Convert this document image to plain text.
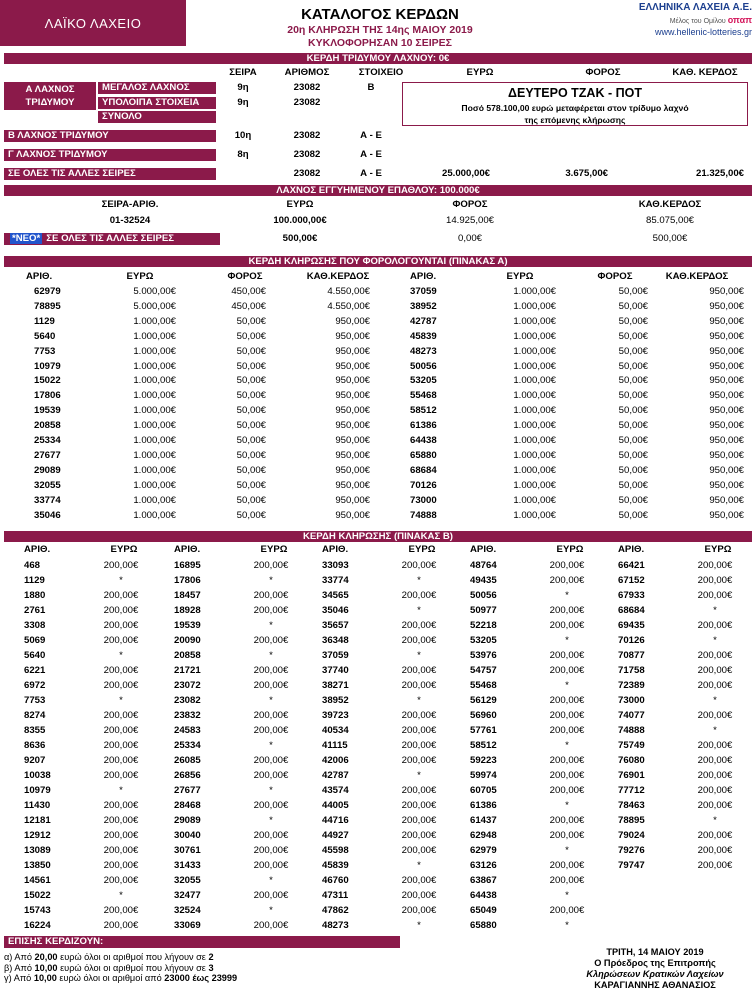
ΛΑΪΚΟ ΛΑΧΕΙΟ	ΚΑΤΑΛΟΓΟΣ ΚΕΡΔΩΝ
20η ΚΛΗΡΩΣΗ ΤΗΣ 14ης ΜΑΙΟΥ 2019
ΚΥΚΛΟΦΟΡΗΣΑΝ 10 ΣΕΙΡΕΣ
ΕΛΛΗΝΙΚΑ ΛΑΧΕΙΑ Α.Ε.
Μέλος του Ομίλου οπαπ
www.hellenic-lotteries.gr
ΚΕΡΔΗ ΤΡΙΔΥΜΟΥ ΛΑΧΝΟΥ: 0€
ΣΕΙΡΑ	ΑΡΙΘΜΟΣ	ΣΤΟΙΧΕΙΟ	ΕΥΡΩ	ΦΟΡΟΣ	ΚΑΘ. ΚΕΡΔΟΣ
Α ΛΑΧΝΟΣ
ΤΡΙΔΥΜΟΥ
ΜΕΓΑΛΟΣ ΛΑΧΝΟΣ	9η	23082	Β
ΥΠΟΛΟΙΠΑ ΣΤΟΙΧΕΙΑ	9η	23082
ΣΥΝΟΛΟ
ΔΕΥΤΕΡΟ ΤΖΑΚ - ΠΟΤ
Ποσό 578.100,00 ευρώ μεταφέρεται στον τρίδυμο λαχνό
της επόμενης κλήρωσης
Β ΛΑΧΝΟΣ ΤΡΙΔΥΜΟΥ	10η	23082	Α - Ε
Γ ΛΑΧΝΟΣ ΤΡΙΔΥΜΟΥ	8η	23082	Α - Ε
ΣΕ ΟΛΕΣ ΤΙΣ ΑΛΛΕΣ ΣΕΙΡΕΣ	23082	Α - Ε	25.000,00€	3.675,00€	21.325,00€
ΛΑΧΝΟΣ ΕΓΓΥΗΜΕΝΟΥ ΕΠΑΘΛΟΥ: 100.000€
ΣΕΙΡΑ-ΑΡΙΘ.	ΕΥΡΩ	ΦΟΡΟΣ	ΚΑΘ.ΚΕΡΔΟΣ
01-32524	100.000,00€	14.925,00€	85.075,00€
*ΝΕΟ* ΣΕ ΟΛΕΣ ΤΙΣ ΑΛΛΕΣ ΣΕΙΡΕΣ	500,00€	0,00€	500,00€
ΚΕΡΔΗ ΚΛΗΡΩΣΗΣ ΠΟΥ ΦΟΡΟΛΟΓΟΥΝΤΑΙ (ΠΙΝΑΚΑΣ Α)
ΑΡΙΘ.	ΕΥΡΩ	ΦΟΡΟΣ	ΚΑΘ.ΚΕΡΔΟΣ	ΑΡΙΘ.	ΕΥΡΩ	ΦΟΡΟΣ	ΚΑΘ.ΚΕΡΔΟΣ
62979	5.000,00€	450,00€	4.550,00€	37059	1.000,00€	50,00€	950,00€
78895	5.000,00€	450,00€	4.550,00€	38952	1.000,00€	50,00€	950,00€
1129	1.000,00€	50,00€	950,00€	42787	1.000,00€	50,00€	950,00€
5640	1.000,00€	50,00€	950,00€	45839	1.000,00€	50,00€	950,00€
7753	1.000,00€	50,00€	950,00€	48273	1.000,00€	50,00€	950,00€
10979	1.000,00€	50,00€	950,00€	50056	1.000,00€	50,00€	950,00€
15022	1.000,00€	50,00€	950,00€	53205	1.000,00€	50,00€	950,00€
17806	1.000,00€	50,00€	950,00€	55468	1.000,00€	50,00€	950,00€
19539	1.000,00€	50,00€	950,00€	58512	1.000,00€	50,00€	950,00€
20858	1.000,00€	50,00€	950,00€	61386	1.000,00€	50,00€	950,00€
25334	1.000,00€	50,00€	950,00€	64438	1.000,00€	50,00€	950,00€
27677	1.000,00€	50,00€	950,00€	65880	1.000,00€	50,00€	950,00€
29089	1.000,00€	50,00€	950,00€	68684	1.000,00€	50,00€	950,00€
32055	1.000,00€	50,00€	950,00€	70126	1.000,00€	50,00€	950,00€
33774	1.000,00€	50,00€	950,00€	73000	1.000,00€	50,00€	950,00€
35046	1.000,00€	50,00€	950,00€	74888	1.000,00€	50,00€	950,00€
ΚΕΡΔΗ ΚΛΗΡΩΣΗΣ (ΠΙΝΑΚΑΣ Β)
ΑΡΙΘ.	ΕΥΡΩ
468	200,00€
1129	*
1880	200,00€
2761	200,00€
3308	200,00€
5069	200,00€
5640	*
6221	200,00€
6972	200,00€
7753	*
8274	200,00€
8355	200,00€
8636	200,00€
9207	200,00€
10038	200,00€
10979	*
11430	200,00€
12181	200,00€
12912	200,00€
13089	200,00€
13850	200,00€
14561	200,00€
15022	*
15743	200,00€
16224	200,00€
ΑΡΙΘ.	ΕΥΡΩ
16895	200,00€
17806	*
18457	200,00€
18928	200,00€
19539	*
20090	200,00€
20858	*
21721	200,00€
23072	200,00€
23082	*
23832	200,00€
24583	200,00€
25334	*
26085	200,00€
26856	200,00€
27677	*
28468	200,00€
29089	*
30040	200,00€
30761	200,00€
31433	200,00€
32055	*
32477	200,00€
32524	*
33069	200,00€
ΑΡΙΘ.	ΕΥΡΩ
33093	200,00€
33774	*
34565	200,00€
35046	*
35657	200,00€
36348	200,00€
37059	*
37740	200,00€
38271	200,00€
38952	*
39723	200,00€
40534	200,00€
41115	200,00€
42006	200,00€
42787	*
43574	200,00€
44005	200,00€
44716	200,00€
44927	200,00€
45598	200,00€
45839	*
46760	200,00€
47311	200,00€
47862	200,00€
48273	*
ΑΡΙΘ.	ΕΥΡΩ
48764	200,00€
49435	200,00€
50056	*
50977	200,00€
52218	200,00€
53205	*
53976	200,00€
54757	200,00€
55468	*
56129	200,00€
56960	200,00€
57761	200,00€
58512	*
59223	200,00€
59974	200,00€
60705	200,00€
61386	*
61437	200,00€
62948	200,00€
62979	*
63126	200,00€
63867	200,00€
64438	*
65049	200,00€
65880	*
ΑΡΙΘ.	ΕΥΡΩ
66421	200,00€
67152	200,00€
67933	200,00€
68684	*
69435	200,00€
70126	*
70877	200,00€
71758	200,00€
72389	200,00€
73000	*
74077	200,00€
74888	*
75749	200,00€
76080	200,00€
76901	200,00€
77712	200,00€
78463	200,00€
78895	*
79024	200,00€
79276	200,00€
79747	200,00€
ΕΠΙΣΗΣ ΚΕΡΔΙΖΟΥΝ:
α) Από 20,00 ευρώ όλοι οι αριθμοί που λήγουν σε 2
β) Από 10,00 ευρώ όλοι οι αριθμοί που λήγουν σε 3
γ) Από 10,00 ευρώ όλοι οι αριθμοί από 23000 έως 23999
ΤΡΙΤΗ, 14 ΜΑΙΟΥ 2019
Ο Πρόεδρος της Επιτροπής
Κληρώσεων Κρατικών Λαχείων
ΚΑΡΑΓΙΑΝΝΗΣ ΑΘΑΝΑΣΙΟΣ
